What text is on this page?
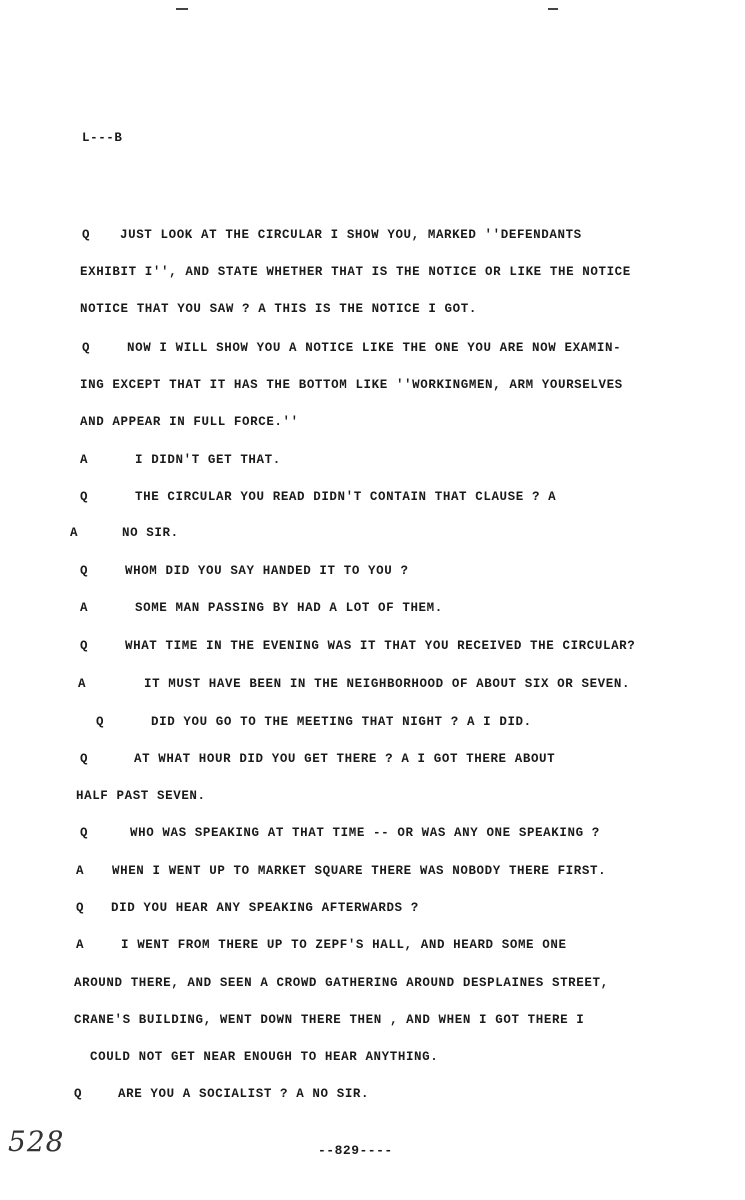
L---B
Q JUST LOOK AT THE CIRCULAR I SHOW YOU, MARKED ''DEFENDANTS
EXHIBIT I'', AND STATE WHETHER THAT IS THE NOTICE OR LIKE THE NOTICE
NOTICE THAT YOU SAW ? A THIS IS THE NOTICE I GOT.
Q	NOW I WILL SHOW YOU A NOTICE LIKE THE ONE YOU ARE NOW EXAMIN-
ING EXCEPT THAT IT HAS THE BOTTOM LIKE ''WORKINGMEN, ARM YOURSELVES
AND APPEAR IN FULL FORCE.''
A	I DIDN'T GET THAT.
Q	THE CIRCULAR YOU READ DIDN'T CONTAIN THAT CLAUSE ? A
A	NO SIR.
Q	WHOM DID YOU SAY HANDED IT TO YOU ?
A	SOME MAN PASSING BY HAD A LOT OF THEM.
Q	WHAT TIME IN THE EVENING WAS IT THAT YOU RECEIVED THE CIRCULAR?
A	IT MUST HAVE BEEN IN THE NEIGHBORHOOD OF ABOUT SIX OR SEVEN.
Q	DID YOU GO TO THE MEETING THAT NIGHT ? A I DID.
Q	AT WHAT HOUR DID YOU GET THERE ? A I GOT THERE ABOUT
HALF PAST SEVEN.
Q	WHO WAS SPEAKING AT THAT TIME -- OR WAS ANY ONE SPEAKING ?
A WHEN I WENT UP TO MARKET SQUARE THERE WAS NOBODY THERE FIRST.
Q DID YOU HEAR ANY SPEAKING AFTERWARDS ?
A	I WENT FROM THERE UP TO ZEPF'S HALL, AND HEARD SOME ONE
AROUND THERE, AND SEEN A CROWD GATHERING AROUND DESPLAINES STREET,
CRANE'S BUILDING, WENT DOWN THERE THEN , AND WHEN I GOT THERE I
COULD NOT GET NEAR ENOUGH TO HEAR ANYTHING.
Q	ARE YOU A SOCIALIST ? A NO SIR.
528	--829----
